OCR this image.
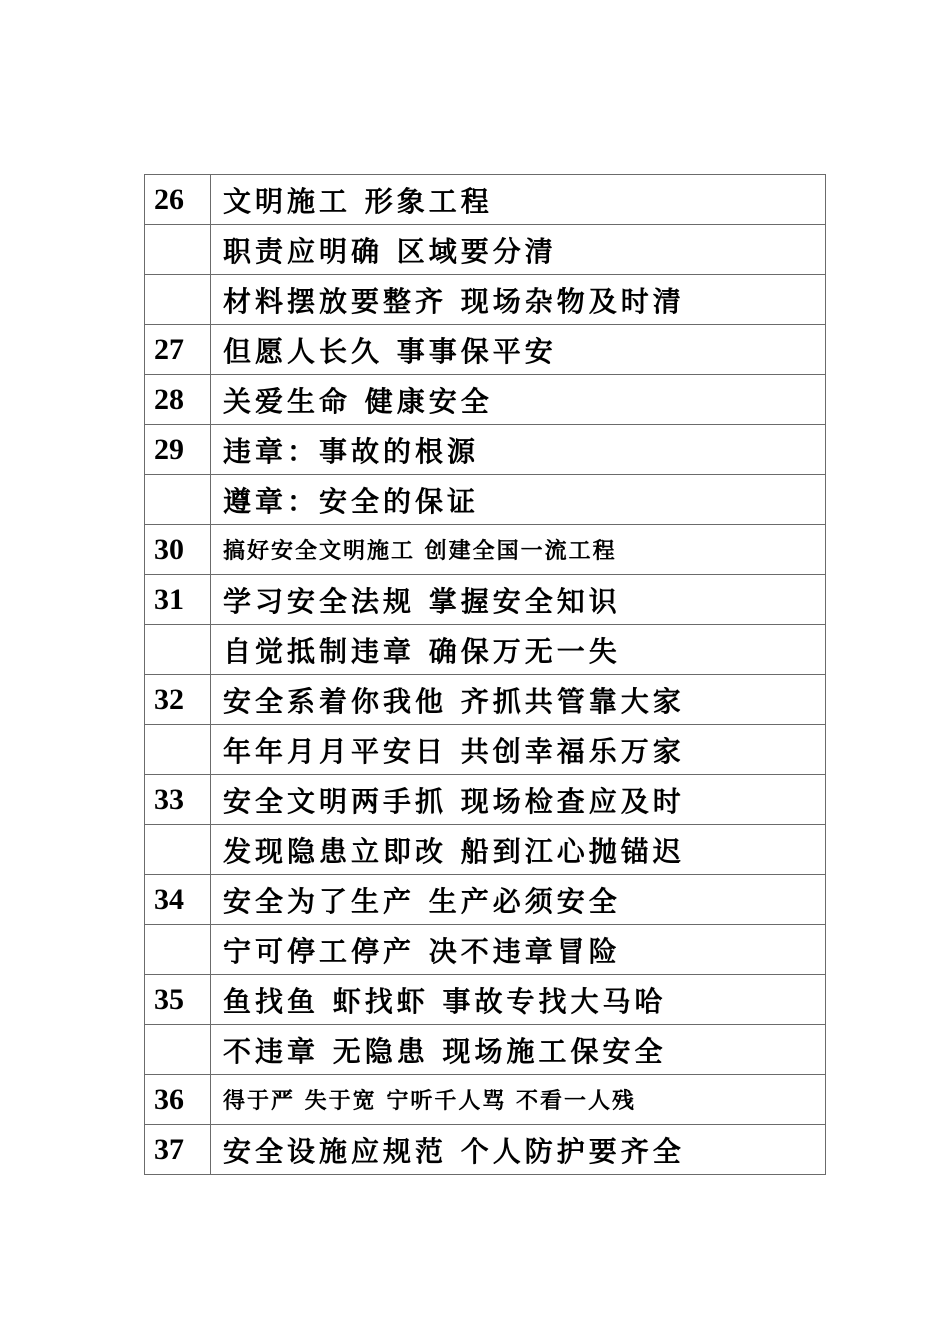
26	文明施工 形象工程
	职责应明确 区域要分清
	材料摆放要整齐 现场杂物及时清
27	但愿人长久 事事保平安
28	关爱生命 健康安全
29	违章：事故的根源
	遵章：安全的保证
30	搞好安全文明施工 创建全国一流工程
31	学习安全法规 掌握安全知识
	自觉抵制违章 确保万无一失
32	安全系着你我他 齐抓共管靠大家
	年年月月平安日 共创幸福乐万家
33	安全文明两手抓 现场检查应及时
	发现隐患立即改 船到江心抛锚迟
34	安全为了生产 生产必须安全
	宁可停工停产 决不违章冒险
35	鱼找鱼 虾找虾 事故专找大马哈
	不违章 无隐患 现场施工保安全
36	得于严 失于宽 宁听千人骂 不看一人残
37	安全设施应规范 个人防护要齐全
